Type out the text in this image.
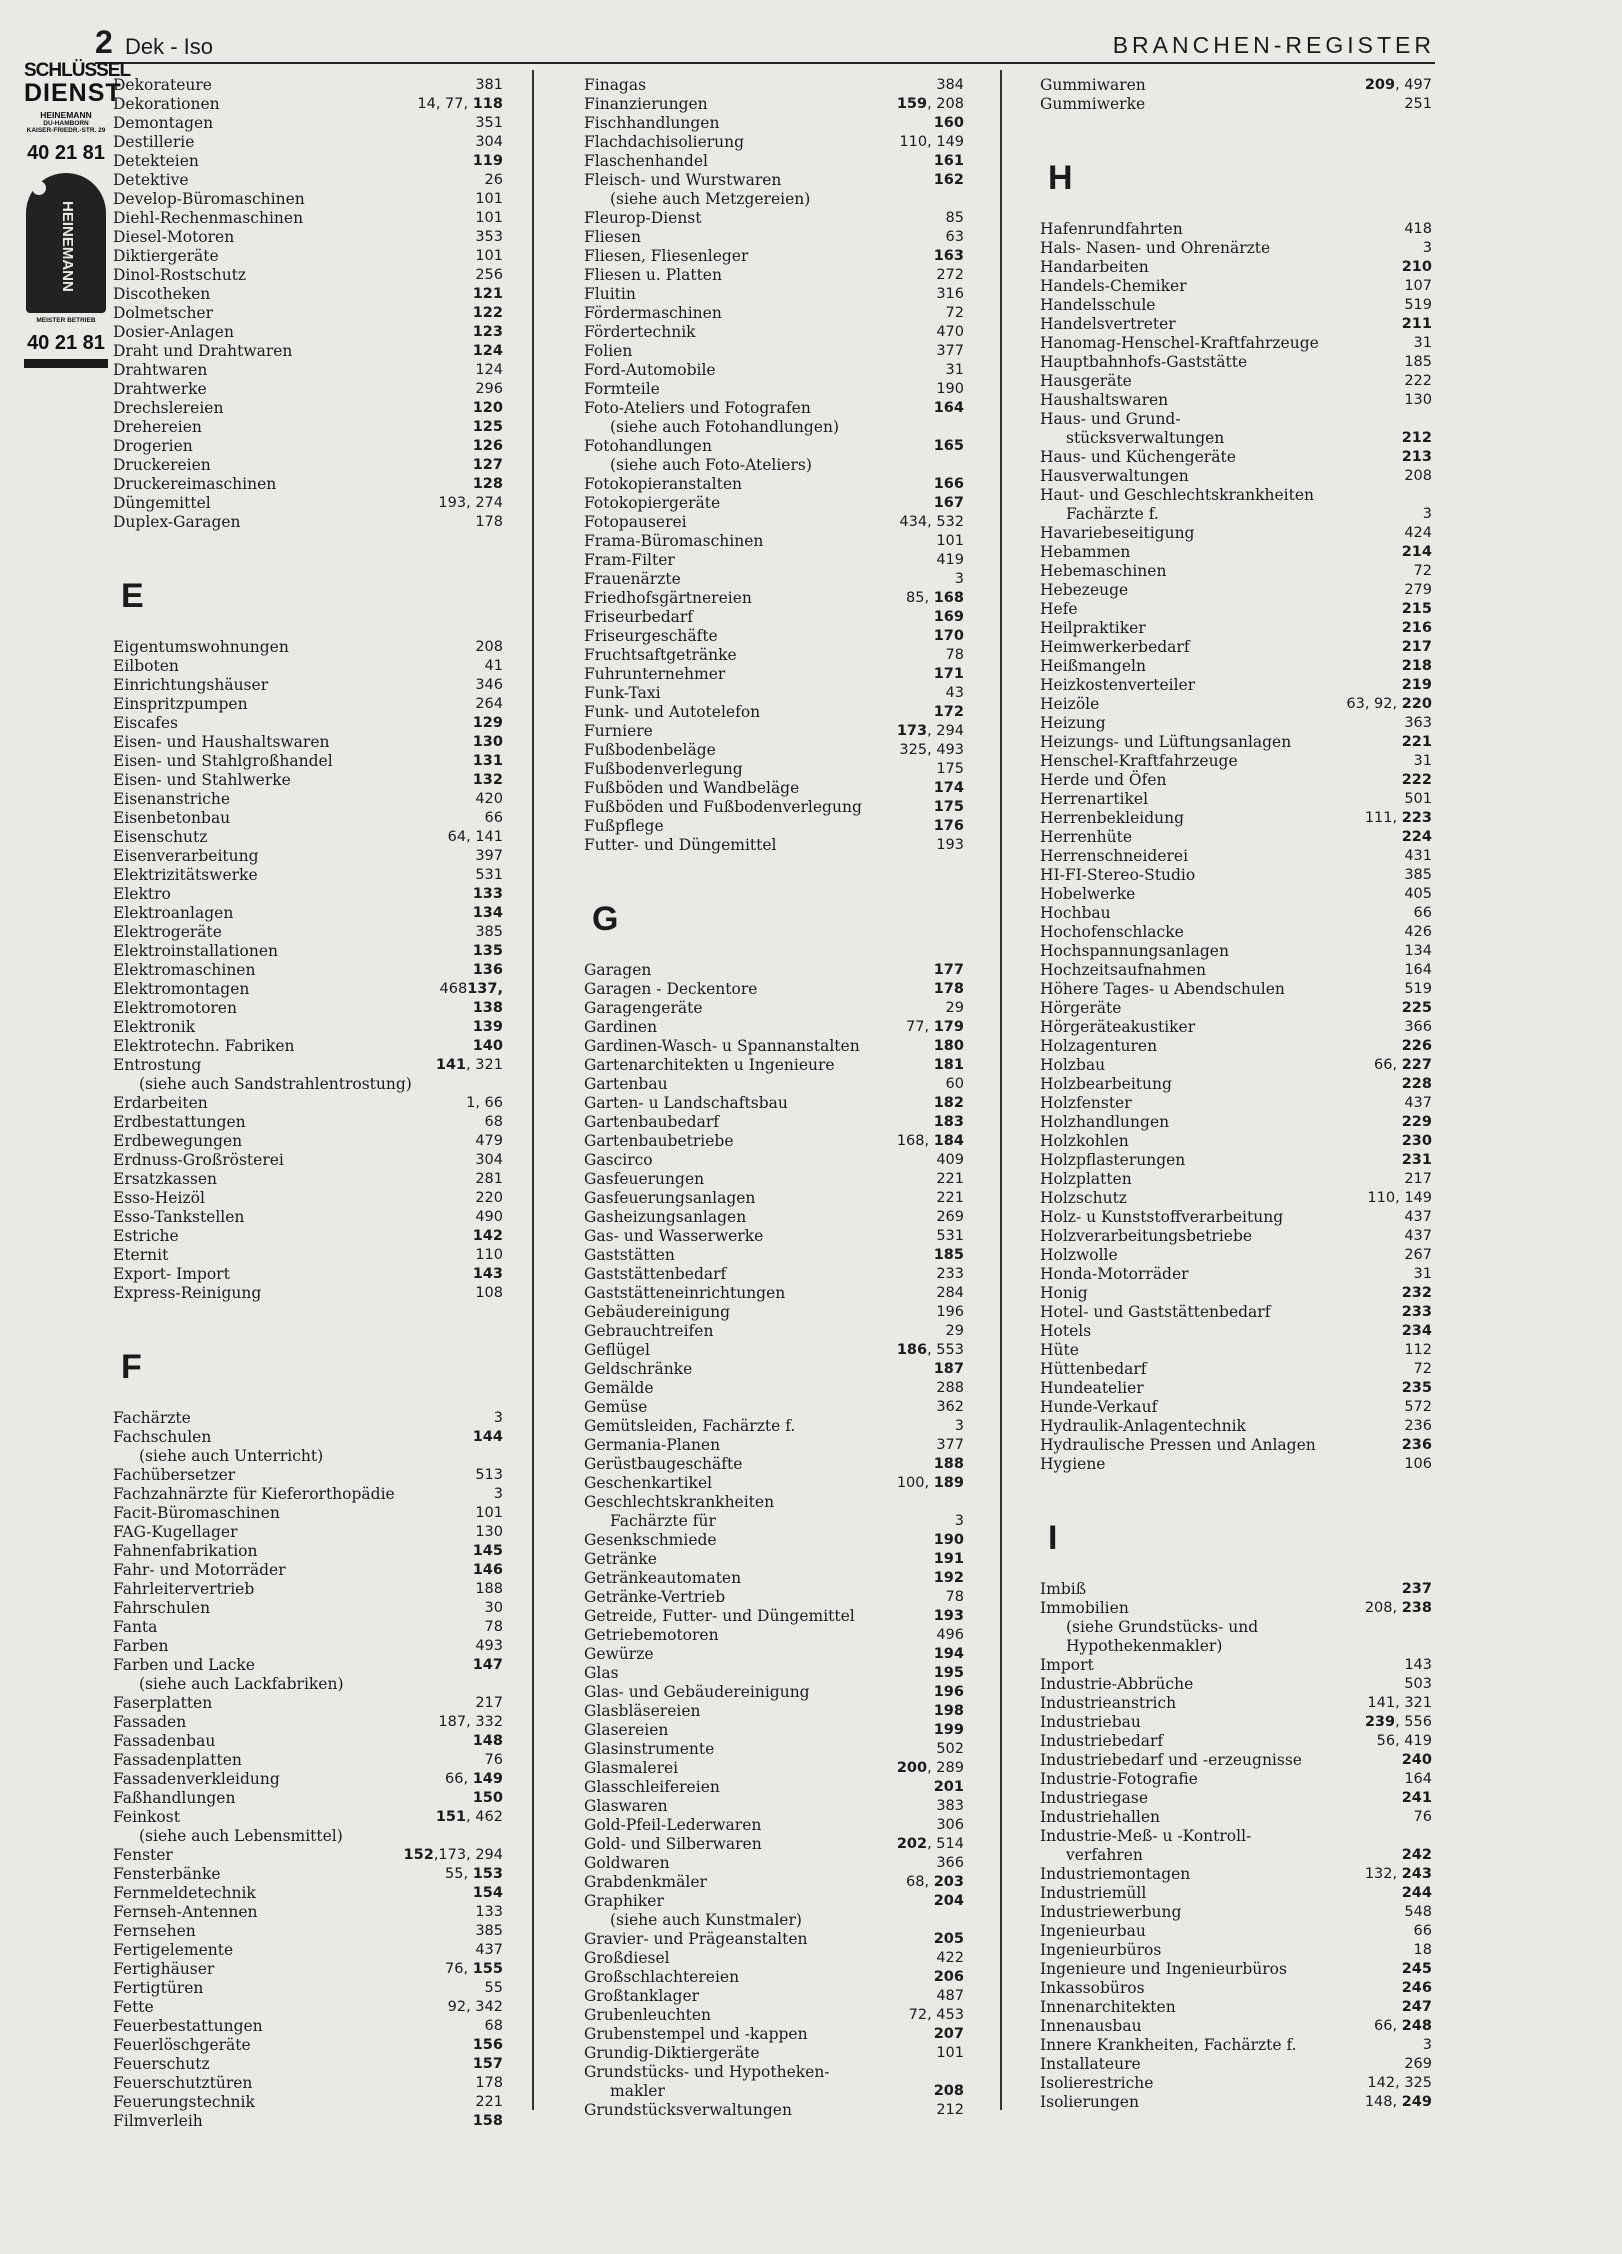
2 Dek - Iso	BRANCHEN-REGISTER
SCHLÜSSEL
DIENST
HEINEMANN
DU-HAMBORN
KAISER-FRIEDR.-STR. 29
40 21 81
HEINEMANN
MEISTER BETRIEB
40 21 81
Dekorateure	381
Dekorationen	14, 77, 118
Demontagen	351
Destillerie	304
Detekteien	119
Detektive	26
Develop-Büromaschinen	101
Diehl-Rechenmaschinen	101
Diesel-Motoren	353
Diktiergeräte	101
Dinol-Rostschutz	256
Discotheken	121
Dolmetscher	122
Dosier-Anlagen	123
Draht und Drahtwaren	124
Drahtwaren	124
Drahtwerke	296
Drechslereien	120
Drehereien	125
Drogerien	126
Druckereien	127
Druckereimaschinen	128
Düngemittel	193, 274
Duplex-Garagen	178
E
Eigentumswohnungen	208
Eilboten	41
Einrichtungshäuser	346
Einspritzpumpen	264
Eiscafes	129
Eisen- und Haushaltswaren	130
Eisen- und Stahlgroßhandel	131
Eisen- und Stahlwerke	132
Eisenanstriche	420
Eisenbetonbau	66
Eisenschutz	64, 141
Eisenverarbeitung	397
Elektrizitätswerke	531
Elektro	133
Elektroanlagen	134
Elektrogeräte	385
Elektroinstallationen	135
Elektromaschinen	136
Elektromontagen	468137,
Elektromotoren	138
Elektronik	139
Elektrotechn. Fabriken	140
Entrostung	141, 321
(siehe auch Sandstrahlentrostung)
Erdarbeiten	1, 66
Erdbestattungen	68
Erdbewegungen	479
Erdnuss-Großrösterei	304
Ersatzkassen	281
Esso-Heizöl	220
Esso-Tankstellen	490
Estriche	142
Eternit	110
Export- Import	143
Express-Reinigung	108
F
Fachärzte	3
Fachschulen	144
(siehe auch Unterricht)
Fachübersetzer	513
Fachzahnärzte für Kieferorthopädie	3
Facit-Büromaschinen	101
FAG-Kugellager	130
Fahnenfabrikation	145
Fahr- und Motorräder	146
Fahrleitervertrieb	188
Fahrschulen	30
Fanta	78
Farben	493
Farben und Lacke	147
(siehe auch Lackfabriken)
Faserplatten	217
Fassaden	187, 332
Fassadenbau	148
Fassadenplatten	76
Fassadenverkleidung	66, 149
Faßhandlungen	150
Feinkost	151, 462
(siehe auch Lebensmittel)
Fenster	152,173, 294
Fensterbänke	55, 153
Fernmeldetechnik	154
Fernseh-Antennen	133
Fernsehen	385
Fertigelemente	437
Fertighäuser	76, 155
Fertigtüren	55
Fette	92, 342
Feuerbestattungen	68
Feuerlöschgeräte	156
Feuerschutz	157
Feuerschutztüren	178
Feuerungstechnik	221
Filmverleih	158
Finagas	384
Finanzierungen	159, 208
Fischhandlungen	160
Flachdachisolierung	110, 149
Flaschenhandel	161
Fleisch- und Wurstwaren	162
(siehe auch Metzgereien)
Fleurop-Dienst	85
Fliesen	63
Fliesen, Fliesenleger	163
Fliesen u. Platten	272
Fluitin	316
Fördermaschinen	72
Fördertechnik	470
Folien	377
Ford-Automobile	31
Formteile	190
Foto-Ateliers und Fotografen	164
(siehe auch Fotohandlungen)
Fotohandlungen	165
(siehe auch Foto-Ateliers)
Fotokopieranstalten	166
Fotokopiergeräte	167
Fotopauserei	434, 532
Frama-Büromaschinen	101
Fram-Filter	419
Frauenärzte	3
Friedhofsgärtnereien	85, 168
Friseurbedarf	169
Friseurgeschäfte	170
Fruchtsaftgetränke	78
Fuhrunternehmer	171
Funk-Taxi	43
Funk- und Autotelefon	172
Furniere	173, 294
Fußbodenbeläge	325, 493
Fußbodenverlegung	175
Fußböden und Wandbeläge	174
Fußböden und Fußbodenverlegung	175
Fußpflege	176
Futter- und Düngemittel	193
G
Garagen	177
Garagen - Deckentore	178
Garagengeräte	29
Gardinen	77, 179
Gardinen-Wasch- u Spannanstalten	180
Gartenarchitekten u Ingenieure	181
Gartenbau	60
Garten- u Landschaftsbau	182
Gartenbaubedarf	183
Gartenbaubetriebe	168, 184
Gascirco	409
Gasfeuerungen	221
Gasfeuerungsanlagen	221
Gasheizungsanlagen	269
Gas- und Wasserwerke	531
Gaststätten	185
Gaststättenbedarf	233
Gaststätteneinrichtungen	284
Gebäudereinigung	196
Gebrauchtreifen	29
Geflügel	186, 553
Geldschränke	187
Gemälde	288
Gemüse	362
Gemütsleiden, Fachärzte f.	3
Germania-Planen	377
Gerüstbaugeschäfte	188
Geschenkartikel	100, 189
Geschlechtskrankheiten
Fachärzte für	3
Gesenkschmiede	190
Getränke	191
Getränkeautomaten	192
Getränke-Vertrieb	78
Getreide, Futter- und Düngemittel	193
Getriebemotoren	496
Gewürze	194
Glas	195
Glas- und Gebäudereinigung	196
Glasbläsereien	198
Glasereien	199
Glasinstrumente	502
Glasmalerei	200, 289
Glasschleifereien	201
Glaswaren	383
Gold-Pfeil-Lederwaren	306
Gold- und Silberwaren	202, 514
Goldwaren	366
Grabdenkmäler	68, 203
Graphiker	204
(siehe auch Kunstmaler)
Gravier- und Prägeanstalten	205
Großdiesel	422
Großschlachtereien	206
Großtanklager	487
Grubenleuchten	72, 453
Grubenstempel und -kappen	207
Grundig-Diktiergeräte	101
Grundstücks- und Hypotheken-
makler	208
Grundstücksverwaltungen	212
Gummiwaren	209, 497
Gummiwerke	251
H
Hafenrundfahrten	418
Hals- Nasen- und Ohrenärzte	3
Handarbeiten	210
Handels-Chemiker	107
Handelsschule	519
Handelsvertreter	211
Hanomag-Henschel-Kraftfahrzeuge	31
Hauptbahnhofs-Gaststätte	185
Hausgeräte	222
Haushaltswaren	130
Haus- und Grund-
stücksverwaltungen	212
Haus- und Küchengeräte	213
Hausverwaltungen	208
Haut- und Geschlechtskrankheiten
Fachärzte f.	3
Havariebeseitigung	424
Hebammen	214
Hebemaschinen	72
Hebezeuge	279
Hefe	215
Heilpraktiker	216
Heimwerkerbedarf	217
Heißmangeln	218
Heizkostenverteiler	219
Heizöle	63, 92, 220
Heizung	363
Heizungs- und Lüftungsanlagen	221
Henschel-Kraftfahrzeuge	31
Herde und Öfen	222
Herrenartikel	501
Herrenbekleidung	111, 223
Herrenhüte	224
Herrenschneiderei	431
HI-FI-Stereo-Studio	385
Hobelwerke	405
Hochbau	66
Hochofenschlacke	426
Hochspannungsanlagen	134
Hochzeitsaufnahmen	164
Höhere Tages- u Abendschulen	519
Hörgeräte	225
Hörgeräteakustiker	366
Holzagenturen	226
Holzbau	66, 227
Holzbearbeitung	228
Holzfenster	437
Holzhandlungen	229
Holzkohlen	230
Holzpflasterungen	231
Holzplatten	217
Holzschutz	110, 149
Holz- u Kunststoffverarbeitung	437
Holzverarbeitungsbetriebe	437
Holzwolle	267
Honda-Motorräder	31
Honig	232
Hotel- und Gaststättenbedarf	233
Hotels	234
Hüte	112
Hüttenbedarf	72
Hundeatelier	235
Hunde-Verkauf	572
Hydraulik-Anlagentechnik	236
Hydraulische Pressen und Anlagen	236
Hygiene	106
I
Imbiß	237
Immobilien	208, 238
(siehe Grundstücks- und
Hypothekenmakler)
Import	143
Industrie-Abbrüche	503
Industrieanstrich	141, 321
Industriebau	239, 556
Industriebedarf	56, 419
Industriebedarf und -erzeugnisse	240
Industrie-Fotografie	164
Industriegase	241
Industriehallen	76
Industrie-Meß- u -Kontroll-
verfahren	242
Industriemontagen	132, 243
Industriemüll	244
Industriewerbung	548
Ingenieurbau	66
Ingenieurbüros	18
Ingenieure und Ingenieurbüros	245
Inkassobüros	246
Innenarchitekten	247
Innenausbau	66, 248
Innere Krankheiten, Fachärzte f.	3
Installateure	269
Isolierestriche	142, 325
Isolierungen	148, 249
